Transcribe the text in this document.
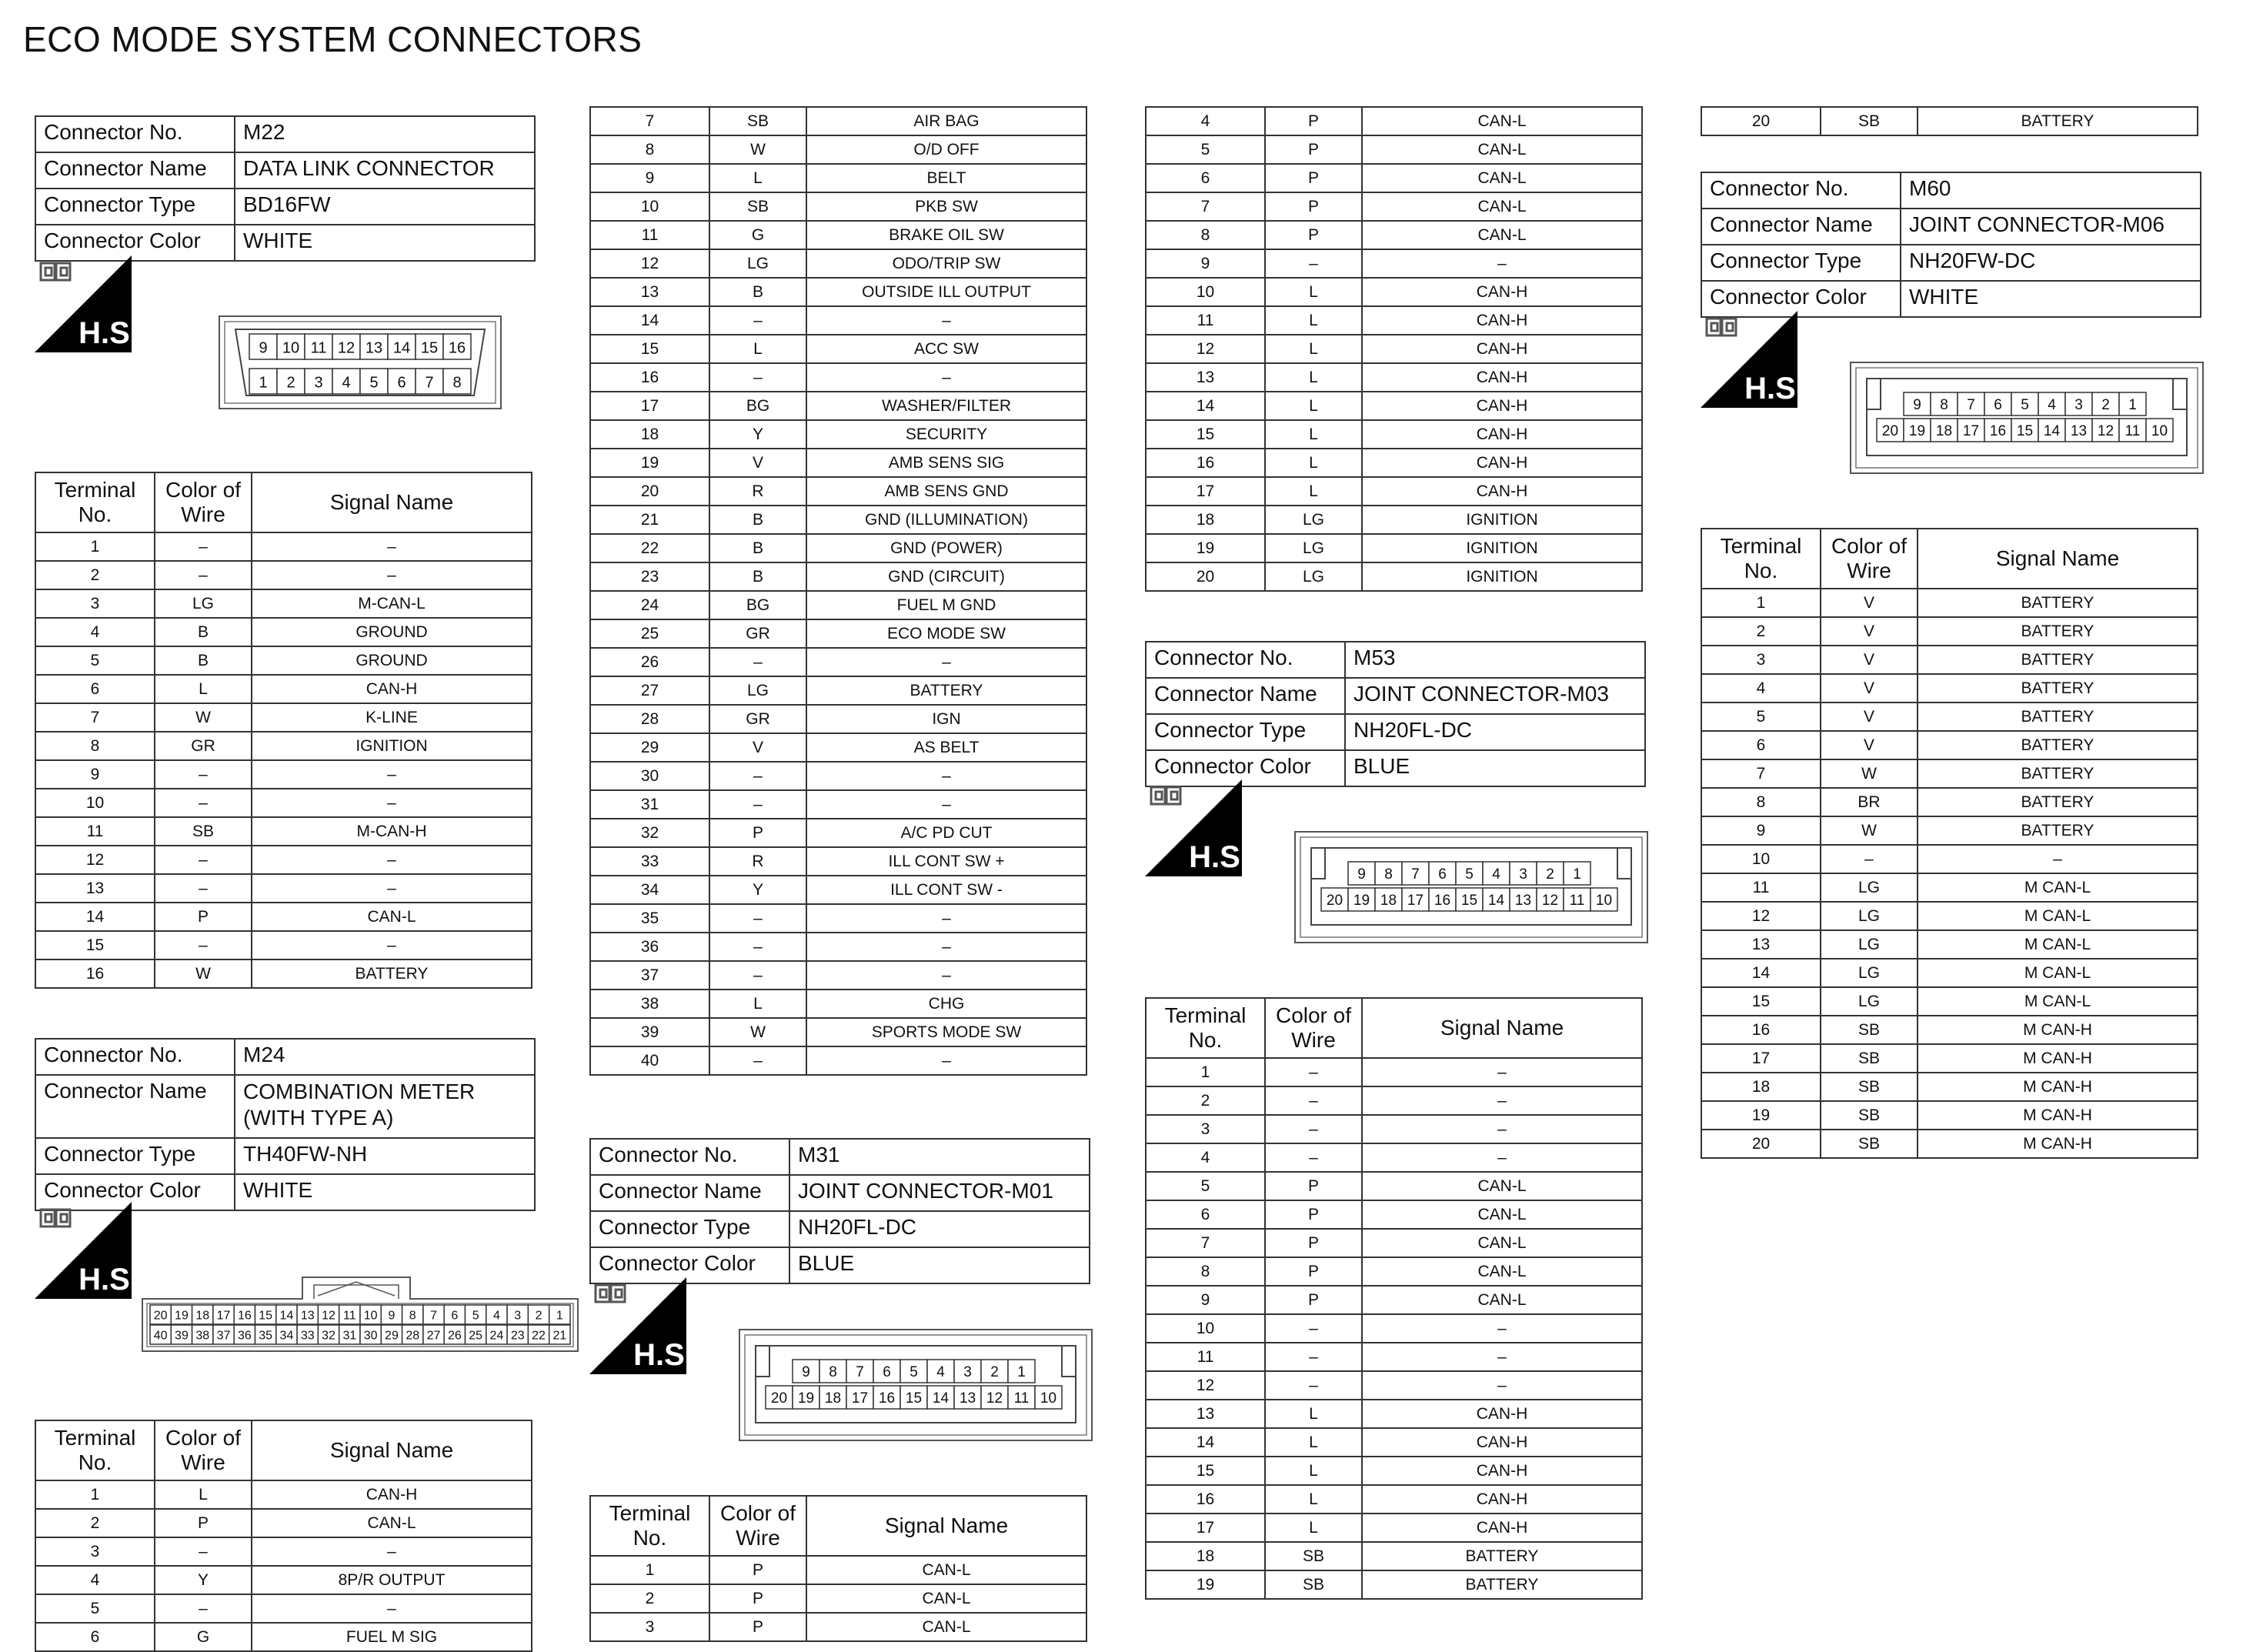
ECO MODE SYSTEM CONNECTORS
Connector No.	M22
Connector Name	DATA LINK CONNECTOR
Connector Type	BD16FW
Connector Color	WHITE
H.S.	9 10 11 12 13 14 15 16
1 2 3 4 5 6 7 8
Terminal No.	Color of Wire	Signal Name
1	–	–
2	–	–
3	LG	M-CAN-L
4	B	GROUND
5	B	GROUND
6	L	CAN-H
7	W	K-LINE
8	GR	IGNITION
9	–	–
10	–	–
11	SB	M-CAN-H
12	–	–
13	–	–
14	P	CAN-L
15	–	–
16	W	BATTERY
Connector No.	M24
Connector Name	COMBINATION METER (WITH TYPE A)
Connector Type	TH40FW-NH
Connector Color	WHITE
H.S.
20 19 18 17 16 15 14 13 12 11 10 9 8 7 6 5 4 3 2 1
40 39 38 37 36 35 34 33 32 31 30 29 28 27 26 25 24 23 22 21
Terminal No.	Color of Wire	Signal Name
1	L	CAN-H
2	P	CAN-L
3	–	–
4	Y	8P/R OUTPUT
5	–	–
6	G	FUEL M SIG
7	SB	AIR BAG
8	W	O/D OFF
9	L	BELT
10	SB	PKB SW
11	G	BRAKE OIL SW
12	LG	ODO/TRIP SW
13	B	OUTSIDE ILL OUTPUT
14	–	–
15	L	ACC SW
16	–	–
17	BG	WASHER/FILTER
18	Y	SECURITY
19	V	AMB SENS SIG
20	R	AMB SENS GND
21	B	GND (ILLUMINATION)
22	B	GND (POWER)
23	B	GND (CIRCUIT)
24	BG	FUEL M GND
25	GR	ECO MODE SW
26	–	–
27	LG	BATTERY
28	GR	IGN
29	V	AS BELT
30	–	–
31	–	–
32	P	A/C PD CUT
33	R	ILL CONT SW +
34	Y	ILL CONT SW -
35	–	–
36	–	–
37	–	–
38	L	CHG
39	W	SPORTS MODE SW
40	–	–
Connector No.	M31
Connector Name	JOINT CONNECTOR-M01
Connector Type	NH20FL-DC
Connector Color	BLUE
H.S.
9 8 7 6 5 4 3 2 1
20 19 18 17 16 15 14 13 12 11 10
Terminal No.	Color of Wire	Signal Name
1	P	CAN-L
2	P	CAN-L
3	P	CAN-L
4	P	CAN-L
5	P	CAN-L
6	P	CAN-L
7	P	CAN-L
8	P	CAN-L
9	–	–
10	L	CAN-H
11	L	CAN-H
12	L	CAN-H
13	L	CAN-H
14	L	CAN-H
15	L	CAN-H
16	L	CAN-H
17	L	CAN-H
18	LG	IGNITION
19	LG	IGNITION
20	LG	IGNITION
Connector No.	M53
Connector Name	JOINT CONNECTOR-M03
Connector Type	NH20FL-DC
Connector Color	BLUE
H.S.
9 8 7 6 5 4 3 2 1
20 19 18 17 16 15 14 13 12 11 10
Terminal No.	Color of Wire	Signal Name
1	–	–
2	–	–
3	–	–
4	–	–
5	P	CAN-L
6	P	CAN-L
7	P	CAN-L
8	P	CAN-L
9	P	CAN-L
10	–	–
11	–	–
12	–	–
13	L	CAN-H
14	L	CAN-H
15	L	CAN-H
16	L	CAN-H
17	L	CAN-H
18	SB	BATTERY
19	SB	BATTERY
20	SB	BATTERY
Connector No.	M60
Connector Name	JOINT CONNECTOR-M06
Connector Type	NH20FW-DC
Connector Color	WHITE
H.S.	9 8 7 6 5 4 3 2 1
20 19 18 17 16 15 14 13 12 11 10
Terminal No.	Color of Wire	Signal Name
1	V	BATTERY
2	V	BATTERY
3	V	BATTERY
4	V	BATTERY
5	V	BATTERY
6	V	BATTERY
7	W	BATTERY
8	BR	BATTERY
9	W	BATTERY
10	–	–
11	LG	M CAN-L
12	LG	M CAN-L
13	LG	M CAN-L
14	LG	M CAN-L
15	LG	M CAN-L
16	SB	M CAN-H
17	SB	M CAN-H
18	SB	M CAN-H
19	SB	M CAN-H
20	SB	M CAN-H
